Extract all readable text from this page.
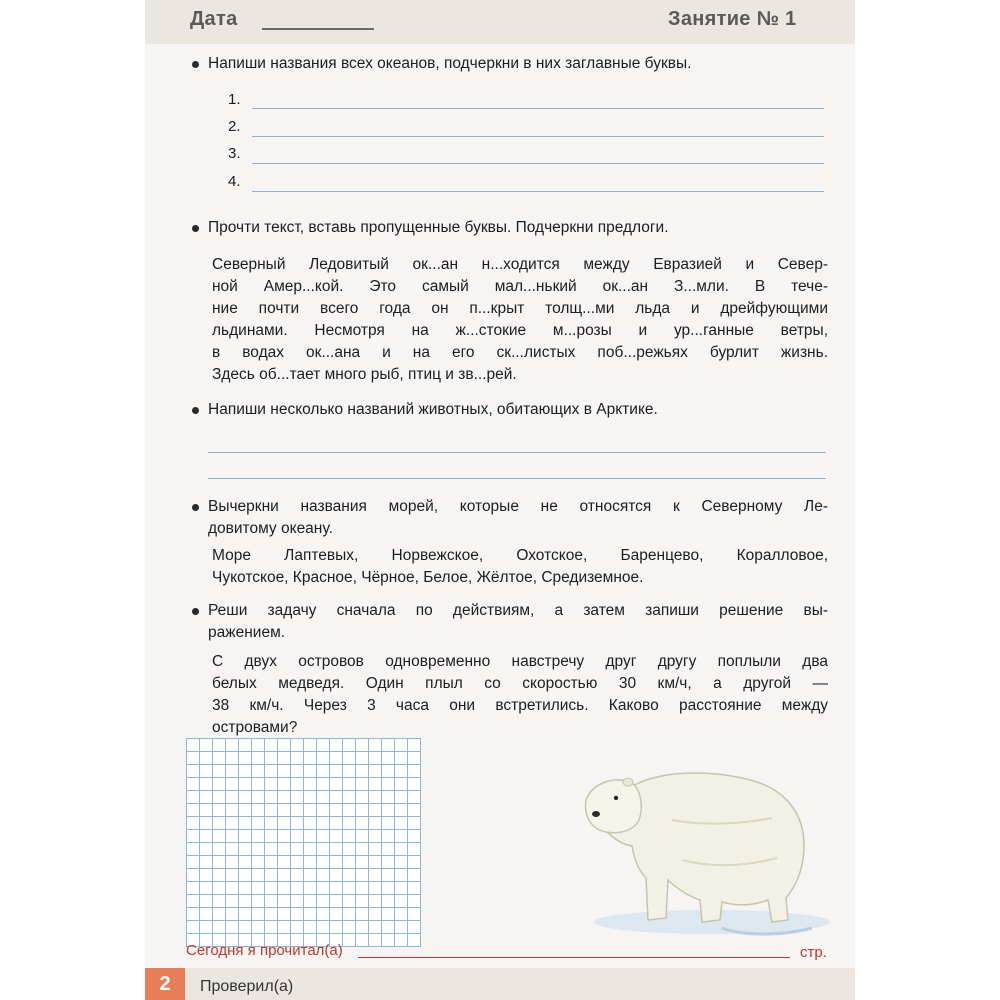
Дата	Занятие № 1
Напиши названия всех океанов, подчеркни в них заглавные буквы.
1.
2.
3.
4.
Прочти текст, вставь пропущенные буквы. Подчеркни предлоги.

Северный Ледовитый ок...ан н...ходится между Евразией и Север-

ной Амер...кой. Это самый мал...нький ок...ан З...мли. В тече-

ние почти всего года он п...крыт толщ...ми льда и дрейфующими

льдинами. Несмотря на ж...стокие м...розы и ур...ганные ветры,

в водах ок...ана и на его ск...листых поб...режьях бурлит жизнь.

Здесь об...тает много рыб, птиц и зв...рей.

Напиши несколько названий животных, обитающих в Арктике.

Вычеркни названия морей, которые не относятся к Северному Ле-

довитому океану.

Море Лаптевых, Норвежское, Охотское, Баренцево, Коралловое,

Чукотское, Красное, Чёрное, Белое, Жёлтое, Средиземное.

Реши задачу сначала по действиям, а затем запиши решение вы-

ражением.

С двух островов одновременно навстречу друг другу поплыли два

белых медведя. Один плыл со скоростью 30 км/ч, а другой —

38 км/ч. Через 3 часа они встретились. Каково расстояние между

островами?

Сегодня я прочитал(а)	стр.
2	Проверил(а)
